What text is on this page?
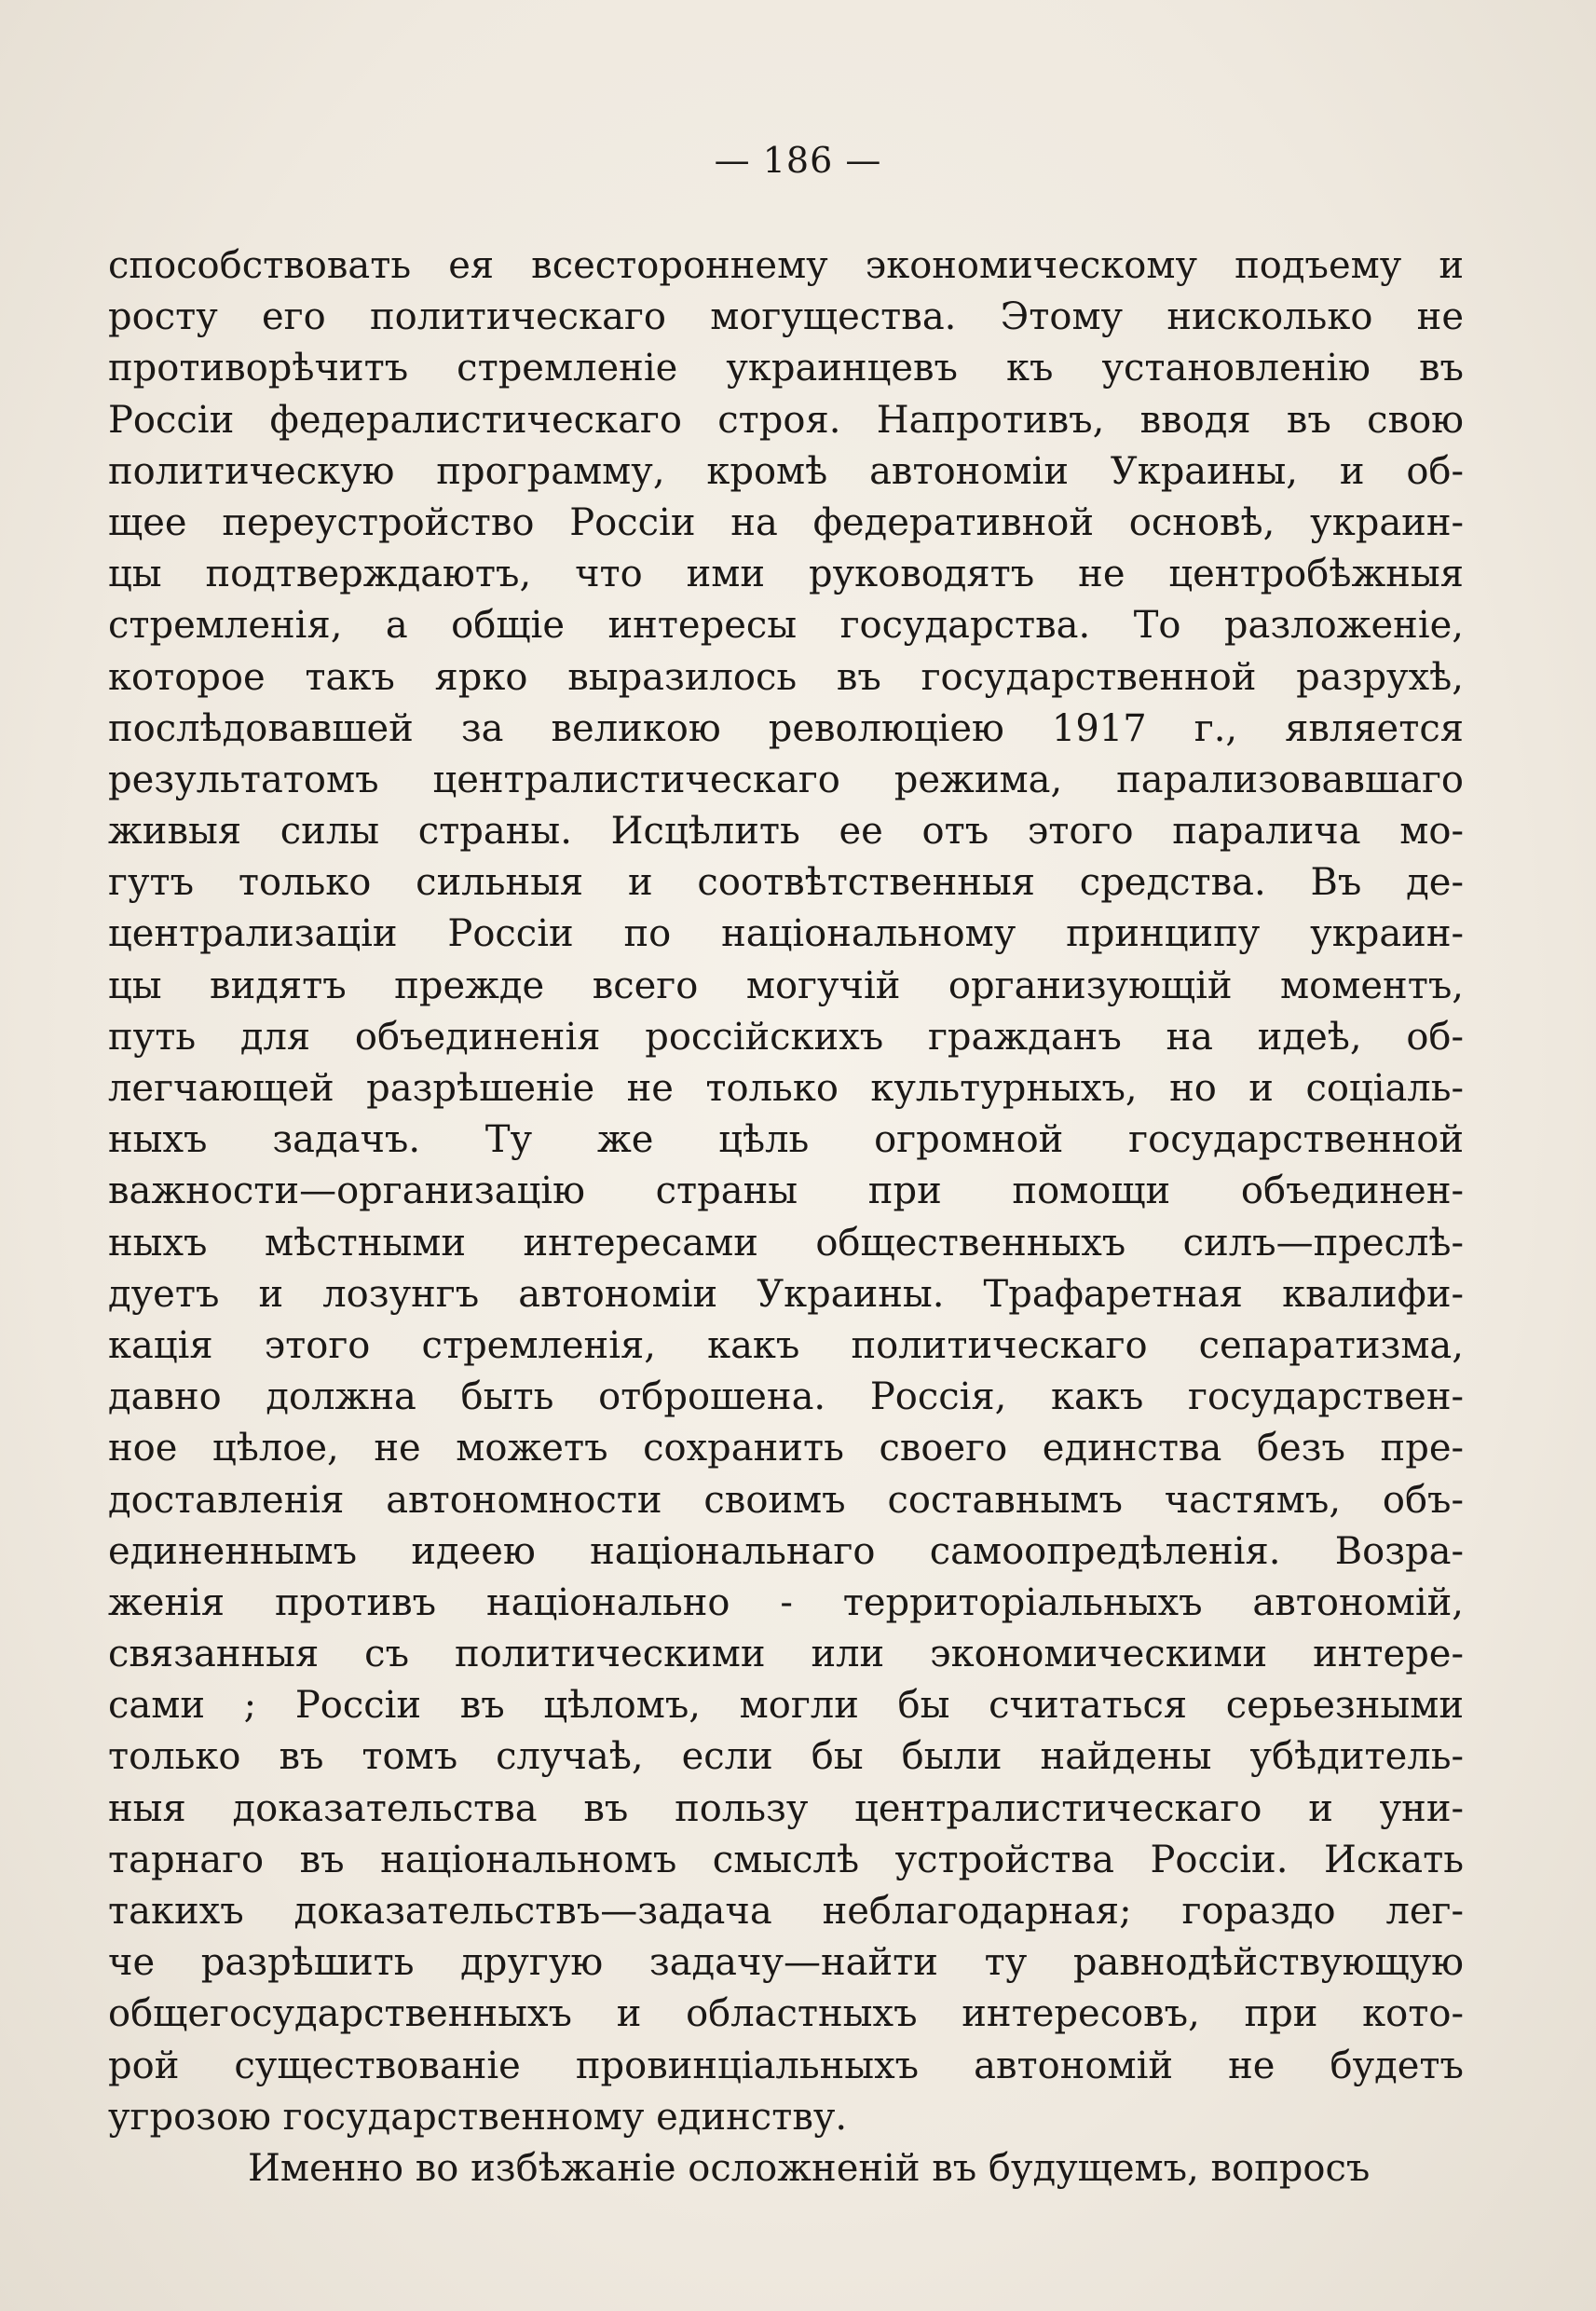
— 186 —
способствовать ея всестороннему экономическому подъему и
росту его политическаго могущества. Этому нисколько не
противорѣчитъ стремленіе украинцевъ къ установленію въ
Россіи федералистическаго строя. Напротивъ, вводя въ свою
политическую программу, кромѣ автономіи Украины, и об-
щее переустройство Россіи на федеративной основѣ, украин-
цы подтверждаютъ, что ими руководятъ не центробѣжныя
стремленія, а общіе интересы государства. То разложеніе,
которое такъ ярко выразилось въ государственной разрухѣ,
послѣдовавшей за великою революціею 1917 г., является
результатомъ централистическаго режима, парализовавшаго
живыя силы страны. Исцѣлить ее отъ этого паралича мо-
гутъ только сильныя и соотвѣтственныя средства. Въ де-
централизаціи Россіи по національному принципу украин-
цы видятъ прежде всего могучій организующій моментъ,
путь для объединенія россійскихъ гражданъ на идеѣ, об-
легчающей разрѣшеніе не только культурныхъ, но и соціаль-
ныхъ задачъ. Ту же цѣль огромной государственной
важности—организацію страны при помощи объединен-
ныхъ мѣстными интересами общественныхъ силъ—преслѣ-
дуетъ и лозунгъ автономіи Украины. Трафаретная квалифи-
кація этого стремленія, какъ политическаго сепаратизма,
давно должна быть отброшена. Россія, какъ государствен-
ное цѣлое, не можетъ сохранить своего единства безъ пре-
доставленія автономности своимъ составнымъ частямъ, объ-
единеннымъ идеею національнаго самоопредѣленія. Возра-
женія противъ національно - территоріальныхъ автономій,
связанныя съ политическими или экономическими интере-
сами ; Россіи въ цѣломъ, могли бы считаться серьезными
только въ томъ случаѣ, если бы были найдены убѣдитель-
ныя доказательства въ пользу централистическаго и уни-
тарнаго въ національномъ смыслѣ устройства Россіи. Искать
такихъ доказательствъ—задача неблагодарная; гораздо лег-
че разрѣшить другую задачу—найти ту равнодѣйствующую
общегосударственныхъ и областныхъ интересовъ, при кото-
рой существованіе провинціальныхъ автономій не будетъ
угрозою государственному единству.
Именно во избѣжаніе осложненій въ будущемъ, вопросъ
